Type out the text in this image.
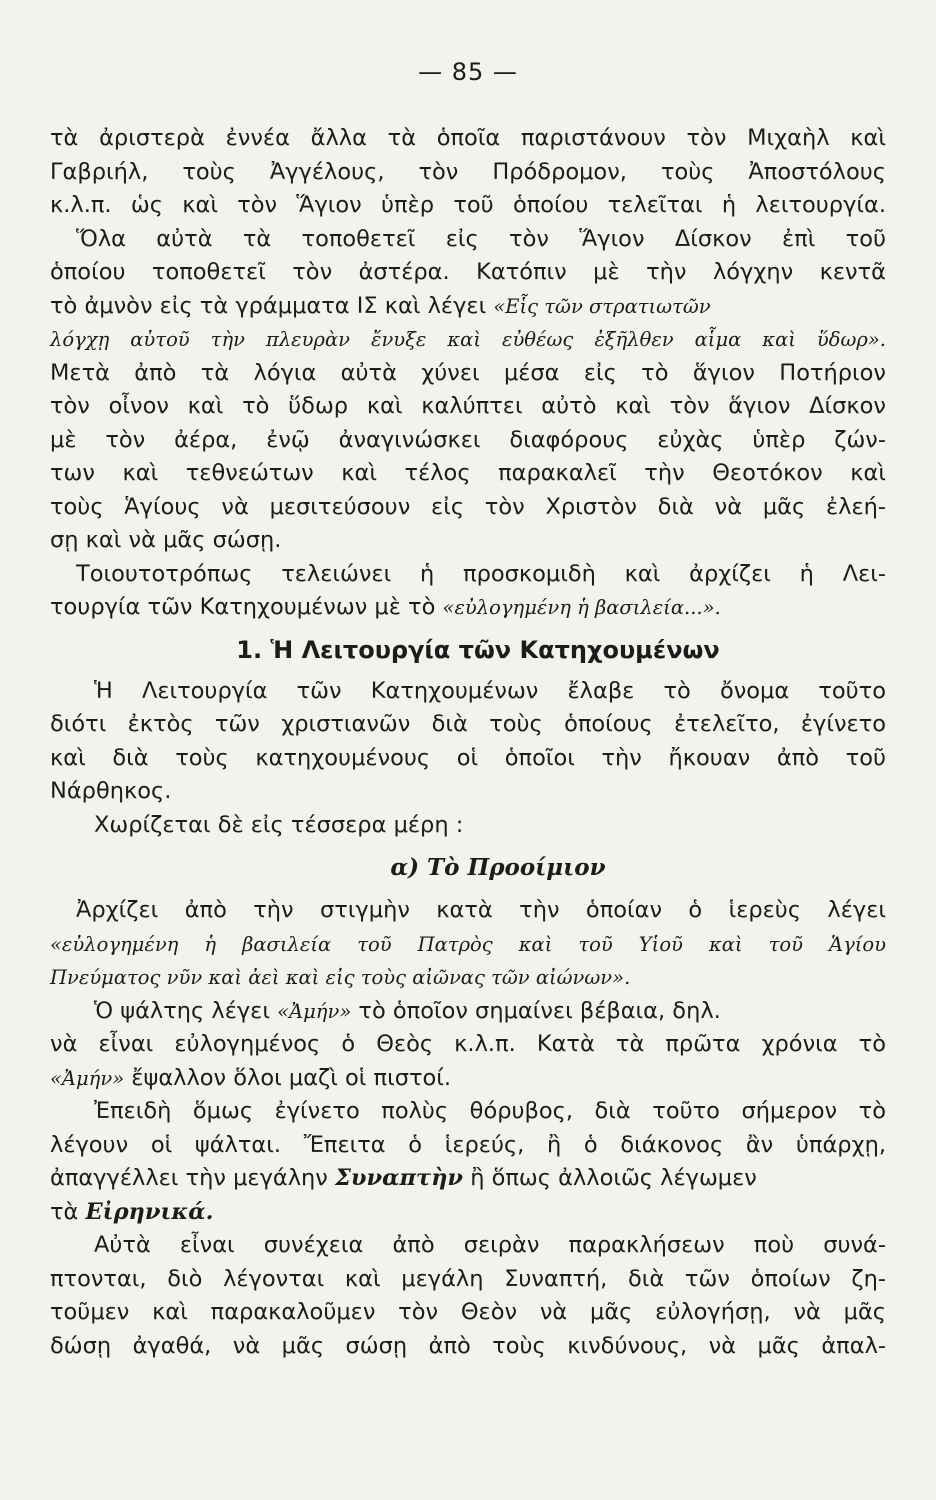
— 85 —
τὰ ἀριστερὰ ἐννέα ἄλλα τὰ ὁποῖα παριστάνουν τὸν Μιχαὴλ καὶ
Γαβριήλ, τοὺς Ἀγγέλους, τὸν Πρόδρομον, τοὺς Ἀποστόλους
κ.λ.π. ὡς καὶ τὸν Ἅγιον ὑπὲρ τοῦ ὁποίου τελεῖται ἡ λειτουργία.
Ὅλα αὐτὰ τὰ τοποθετεῖ εἰς τὸν Ἅγιον Δίσκον ἐπὶ τοῦ
ὁποίου τοποθετεῖ τὸν ἀστέρα. Κατόπιν μὲ τὴν λόγχην κεντᾶ
τὸ ἀμνὸν εἰς τὰ γράμματα ΙΣ καὶ λέγει «Εἷς τῶν στρατιωτῶν
λόγχῃ αὐτοῦ τὴν πλευρὰν ἔνυξε καὶ εὐθέως ἐξῆλθεν αἷμα καὶ ὕδωρ».
Μετὰ ἀπὸ τὰ λόγια αὐτὰ χύνει μέσα εἰς τὸ ἅγιον Ποτήριον
τὸν οἶνον καὶ τὸ ὕδωρ καὶ καλύπτει αὐτὸ καὶ τὸν ἅγιον Δίσκον
μὲ τὸν ἀέρα, ἐνῷ ἀναγινώσκει διαφόρους εὐχὰς ὑπὲρ ζών-
των καὶ τεθνεώτων καὶ τέλος παρακαλεῖ τὴν Θεοτόκον καὶ
τοὺς Ἁγίους νὰ μεσιτεύσουν εἰς τὸν Χριστὸν διὰ νὰ μᾶς ἐλεή-
σῃ καὶ νὰ μᾶς σώσῃ.
Τοιουτοτρόπως τελειώνει ἡ προσκομιδὴ καὶ ἀρχίζει ἡ Λει-
τουργία τῶν Κατηχουμένων μὲ τὸ «εὐλογημένη ἡ βασιλεία...».
1. Ἡ Λειτουργία τῶν Κατηχουμένων
Ἡ Λειτουργία τῶν Κατηχουμένων ἔλαβε τὸ ὄνομα τοῦτο
διότι ἐκτὸς τῶν χριστιανῶν διὰ τοὺς ὁποίους ἐτελεῖτο, ἐγίνετο
καὶ διὰ τοὺς κατηχουμένους οἱ ὁποῖοι τὴν ἤκουαν ἀπὸ τοῦ
Νάρθηκος.
Χωρίζεται δὲ εἰς τέσσερα μέρη :
α) Τὸ Προοίμιον
Ἀρχίζει ἀπὸ τὴν στιγμὴν κατὰ τὴν ὁποίαν ὁ ἱερεὺς λέγει
«εὐλογημένη ἡ βασιλεία τοῦ Πατρὸς καὶ τοῦ Υἱοῦ καὶ τοῦ Ἁγίου
Πνεύματος νῦν καὶ ἀεὶ καὶ εἰς τοὺς αἰῶνας τῶν αἰώνων».
Ὁ ψάλτης λέγει «Ἀμήν» τὸ ὁποῖον σημαίνει βέβαια, δηλ.
νὰ εἶναι εὐλογημένος ὁ Θεὸς κ.λ.π. Κατὰ τὰ πρῶτα χρόνια τὸ
«Ἀμήν» ἔψαλλον ὅλοι μαζὶ οἱ πιστοί.
Ἐπειδὴ ὅμως ἐγίνετο πολὺς θόρυβος, διὰ τοῦτο σήμερον τὸ
λέγουν οἱ ψάλται. Ἔπειτα ὁ ἱερεύς, ἢ ὁ διάκονος ἂν ὑπάρχῃ,
ἀπαγγέλλει τὴν μεγάλην Συναπτὴν ἢ ὅπως ἀλλοιῶς λέγωμεν
τὰ Εἰρηνικά.
Αὐτὰ εἶναι συνέχεια ἀπὸ σειρὰν παρακλήσεων ποὺ συνά-
πτονται, διὸ λέγονται καὶ μεγάλη Συναπτή, διὰ τῶν ὁποίων ζη-
τοῦμεν καὶ παρακαλοῦμεν τὸν Θεὸν νὰ μᾶς εὐλογήσῃ, νὰ μᾶς
δώσῃ ἀγαθά, νὰ μᾶς σώσῃ ἀπὸ τοὺς κινδύνους, νὰ μᾶς ἀπαλ-
